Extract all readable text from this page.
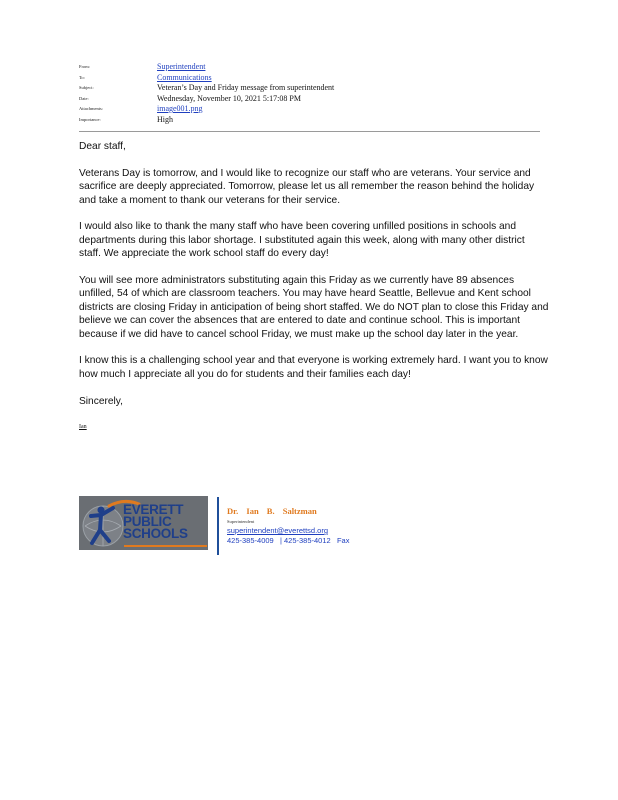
From:	Superintendent
To:	Communications
Subject:	Veteran’s Day and Friday message from superintendent
Date:	Wednesday, November 10, 2021 5:17:08 PM
Attachments:	image001.png
Importance:	High

Dear staff,

Veterans Day is tomorrow, and I would like to recognize our staff who are veterans. Your service and sacrifice are deeply appreciated. Tomorrow, please let us all remember the reason behind the holiday and take a moment to thank our veterans for their service.

I would also like to thank the many staff who have been covering unfilled positions in schools and departments during this labor shortage. I substituted again this week, along with many other district staff. We appreciate the work school staff do every day!

You will see more administrators substituting again this Friday as we currently have 89 absences unfilled, 54 of which are classroom teachers. You may have heard Seattle, Bellevue and Kent school districts are closing Friday in anticipation of being short staffed. We do NOT plan to close this Friday and believe we can cover the absences that are entered to date and continue school. This is important because if we did have to cancel school Friday, we must make up the school day later in the year.

I know this is a challenging school year and that everyone is working extremely hard. I want you to know how much I appreciate all you do for students and their families each day!

Sincerely,

Ian
EVERETT
PUBLIC
SCHOOLS
Dr. Ian B. Saltzman
Superintendent
superintendent@everettsd.org
425-385-4009   | 425-385-4012   Fax
